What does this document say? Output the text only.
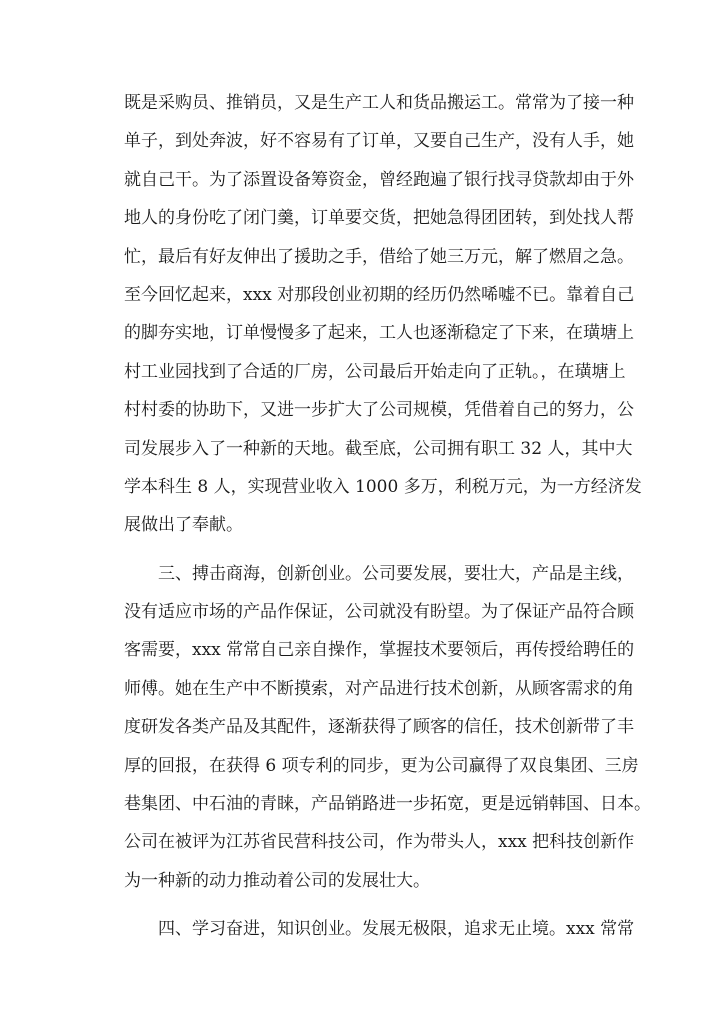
既是采购员、推销员，又是生产工人和货品搬运工。常常为了接一种
单子，到处奔波，好不容易有了订单，又要自己生产，没有人手，她
就自己干。为了添置设备筹资金，曾经跑遍了银行找寻贷款却由于外
地人的身份吃了闭门羹，订单要交货，把她急得团团转，到处找人帮
忙，最后有好友伸出了援助之手，借给了她三万元，解了燃眉之急。
至今回忆起来，xxx 对那段创业初期的经历仍然唏嘘不已。靠着自己
的脚夯实地，订单慢慢多了起来，工人也逐渐稳定了下来，在璜塘上
村工业园找到了合适的厂房，公司最后开始走向了正轨。，在璜塘上
村村委的协助下，又进一步扩大了公司规模，凭借着自己的努力，公
司发展步入了一种新的天地。截至底，公司拥有职工 32 人，其中大
学本科生 8 人，实现营业收入 1000 多万，利税万元，为一方经济发
展做出了奉献。
　　三、搏击商海，创新创业。公司要发展，要壮大，产品是主线，
没有适应市场的产品作保证，公司就没有盼望。为了保证产品符合顾
客需要，xxx 常常自己亲自操作，掌握技术要领后，再传授给聘任的
师傅。她在生产中不断摸索，对产品进行技术创新，从顾客需求的角
度研发各类产品及其配件，逐渐获得了顾客的信任，技术创新带了丰
厚的回报，在获得 6 项专利的同步，更为公司赢得了双良集团、三房
巷集团、中石油的青睐，产品销路进一步拓宽，更是远销韩国、日本。
公司在被评为江苏省民营科技公司，作为带头人，xxx 把科技创新作
为一种新的动力推动着公司的发展壮大。
　　四、学习奋进，知识创业。发展无极限，追求无止境。xxx 常常
